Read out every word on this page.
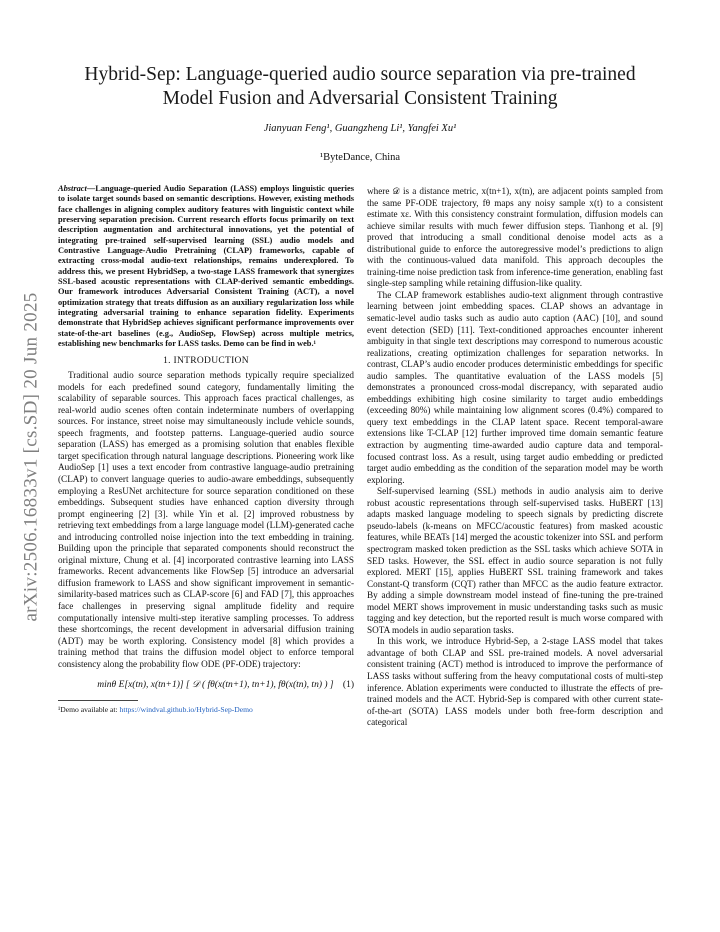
arXiv:2506.16833v1 [cs.SD] 20 Jun 2025
Hybrid-Sep: Language-queried audio source separation via pre-trained Model Fusion and Adversarial Consistent Training
Jianyuan Feng¹, Guangzheng Li¹, Yangfei Xu¹
¹ByteDance, China
Abstract—Language-queried Audio Separation (LASS) employs linguistic queries to isolate target sounds based on semantic descriptions. However, existing methods face challenges in aligning complex auditory features with linguistic context while preserving separation precision. Current research efforts focus primarily on text description augmentation and architectural innovations, yet the potential of integrating pre-trained self-supervised learning (SSL) audio models and Contrastive Language-Audio Pretraining (CLAP) frameworks, capable of extracting cross-modal audio-text relationships, remains underexplored. To address this, we present HybridSep, a two-stage LASS framework that synergizes SSL-based acoustic representations with CLAP-derived semantic embeddings. Our framework introduces Adversarial Consistent Training (ACT), a novel optimization strategy that treats diffusion as an auxiliary regularization loss while integrating adversarial training to enhance separation fidelity. Experiments demonstrate that HybridSep achieves significant performance improvements over state-of-the-art baselines (e.g., AudioSep, FlowSep) across multiple metrics, establishing new benchmarks for LASS tasks. Demo can be find in web.¹
1. INTRODUCTION

Traditional audio source separation methods typically require specialized models for each predefined sound category, fundamentally limiting the scalability of separable sources. This approach faces practical challenges, as real-world audio scenes often contain indeterminate numbers of overlapping sources. For instance, street noise may simultaneously include vehicle sounds, speech fragments, and footstep patterns. Language-queried audio source separation (LASS) has emerged as a promising solution that enables flexible target specification through natural language descriptions. Pioneering work like AudioSep [1] uses a text encoder from contrastive language-audio pretraining (CLAP) to convert language queries to audio-aware embeddings, subsequently employing a ResUNet architecture for source separation conditioned on these embeddings. Subsequent studies have enhanced caption diversity through prompt engineering [2] [3]. while Yin et al. [2] improved robustness by retrieving text embeddings from a large language model (LLM)-generated cache and introducing controlled noise injection into the text embedding in training. Building upon the principle that separated components should reconstruct the original mixture, Chung et al. [4] incorporated contrastive learning into LASS frameworks. Recent advancements like FlowSep [5] introduce an adversarial diffusion framework to LASS and show significant improvement in semantic-similarity-based matrices such as CLAP-score [6] and FAD [7], this approaches face challenges in preserving signal amplitude fidelity and require computationally intensive multi-step iterative sampling processes. To address these shortcomings, the recent development in adversarial diffusion training (ADT) may be worth exploring. Consistency model [8] which provides a training method that trains the diffusion model object to enforce temporal consistency along the probability flow ODE (PF-ODE) trajectory:

minθ E[x(tn), x(tn+1)] [ 𝒟 ( fθ(x(tn+1), tn+1), fθ(x(tn), tn) ) ] (1)
¹Demo available at: https://windval.github.io/Hybrid-Sep-Demo

where 𝒟 is a distance metric, x(tn+1), x(tn), are adjacent points sampled from the same PF-ODE trajectory, fθ maps any noisy sample x(t) to a consistent estimate xε. With this consistency constraint formulation, diffusion models can achieve similar results with much fewer diffusion steps. Tianhong et al. [9] proved that introducing a small conditional denoise model acts as a distributional guide to enforce the autoregressive model’s predictions to align with the continuous-valued data manifold. This approach decouples the training-time noise prediction task from inference-time generation, enabling fast single-step sampling while retaining diffusion-like quality.

The CLAP framework establishes audio-text alignment through contrastive learning between joint embedding spaces. CLAP shows an advantage in sematic-level audio tasks such as audio auto caption (AAC) [10], and sound event detection (SED) [11]. Text-conditioned approaches encounter inherent ambiguity in that single text descriptions may correspond to numerous acoustic realizations, creating optimization challenges for separation networks. In contrast, CLAP’s audio encoder produces deterministic embeddings for specific audio samples. The quantitative evaluation of the LASS models [5] demonstrates a pronounced cross-modal discrepancy, with separated audio embeddings exhibiting high cosine similarity to target audio embeddings (exceeding 80%) while maintaining low alignment scores (0.4%) compared to query text embeddings in the CLAP latent space. Recent temporal-aware extensions like T-CLAP [12] further improved time domain semantic feature extraction by augmenting time-awarded audio capture data and temporal-focused contrast loss. As a result, using target audio embedding or predicted target audio embedding as the condition of the separation model may be worth exploring.

Self-supervised learning (SSL) methods in audio analysis aim to derive robust acoustic representations through self-supervised tasks. HuBERT [13] adapts masked language modeling to speech signals by predicting discrete pseudo-labels (k-means on MFCC/acoustic features) from masked acoustic features, while BEATs [14] merged the acoustic tokenizer into SSL and perform spectrogram masked token prediction as the SSL tasks which achieve SOTA in SED tasks. However, the SSL effect in audio source separation is not fully explored. MERT [15], applies HuBERT SSL training framework and takes Constant-Q transform (CQT) rather than MFCC as the audio feature extractor. By adding a simple downstream model instead of fine-tuning the pre-trained model MERT shows improvement in music understanding tasks such as music tagging and key detection, but the reported result is much worse compared with SOTA models in audio separation tasks.

In this work, we introduce Hybrid-Sep, a 2-stage LASS model that takes advantage of both CLAP and SSL pre-trained models. A novel adversarial consistent training (ACT) method is introduced to improve the performance of LASS tasks without suffering from the heavy computational costs of multi-step inference. Ablation experiments were conducted to illustrate the effects of pre-trained models and the ACT. Hybrid-Sep is compared with other current state-of-the-art (SOTA) LASS models under both free-form description and categorical
